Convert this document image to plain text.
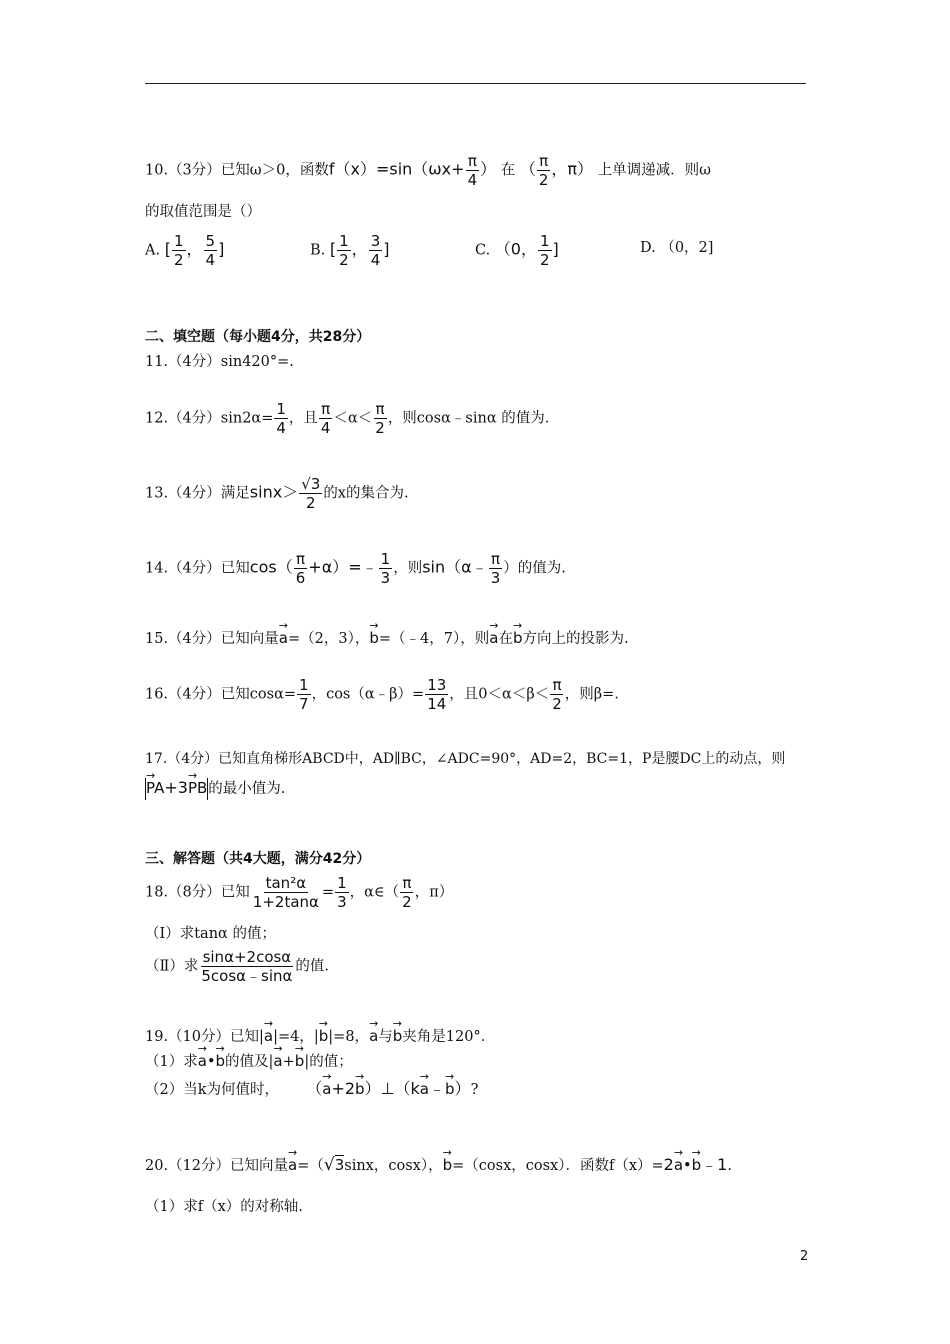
10.（3分）已知ω＞0，函数$f(x)=\sin(\omega x+ \frac{\pi}{4}$ ） 在 （ $\frac{\pi}{2}$ ，π） 上单调递减．则ω
的取值范围是（）
A. [ $\frac{1}{2}$ ， $\frac{5}{4}$ ]	B. [ $\frac{1}{2}$ ， $\frac{3}{4}$ ]	C. （0， $\frac{1}{2}$ ]	D. （0，2]
二、填空题（每小题4分，共28分）
11.（4分）sin420°=.
12.（4分）$\sin 2\alpha= \frac{1}{4}$ ，且 $\frac{\pi}{4} <\alpha< \frac{\pi}{2}$ ，则cosα﹣sinα 的值为.
13.（4分）满足$\sin x> \frac{√3}{2}$ 的x的集合为.
14.（4分）已知$\cos( \frac{\pi}{6}$ +α）=﹣ $\frac{1}{3}$ ，则sin（α﹣ $\frac{\pi}{3}$ ）的值为.
15.（4分）已知向量→ a=（2，3），→ b=（﹣4，7），则→ a在→ b方向上的投影为.
16.（4分）已知$\cos\alpha= \frac{1}{7}$ ，cos（α﹣β）= $\frac{13}{14}$ ，且$0<\alpha<\beta< \frac{\pi}{2}$ ，则β=.
17.（4分）已知直角梯形ABCD中，AD∥BC，∠ADC=90°，AD=2，BC=1，P是腰DC上的动点，则
→ PA+3→ PB的最小值为.
三、解答题（共4大题，满分42分）
18.（8分）已知 $\frac{\text{tan²α}}{1+2\tan\alpha} = \frac{1}{3}$ ，α∈（ $\frac{\pi}{2}$ ，π）
（Ⅰ）求tanα 的值；
（Ⅱ）求 $\frac{\sin\alpha+2\cos\alpha}{5\cos\alpha﹣\sin\alpha}$ 的值.
19.（10分）已知|→ a|=4，|→ b|=8，→ a与→ b夹角是120°．
（1）求→ a•→ b的值及|→ a+→ b|的值；
（2）当k为何值时， （→ a+2→ b）⊥（k→ a﹣→ b）?
20.（12分）已知向量→ a=（√3sinx，cosx），→ b=（cosx，cosx）．函数f（x）=2→ a•→ b﹣1.
（1）求f（x）的对称轴.
2
